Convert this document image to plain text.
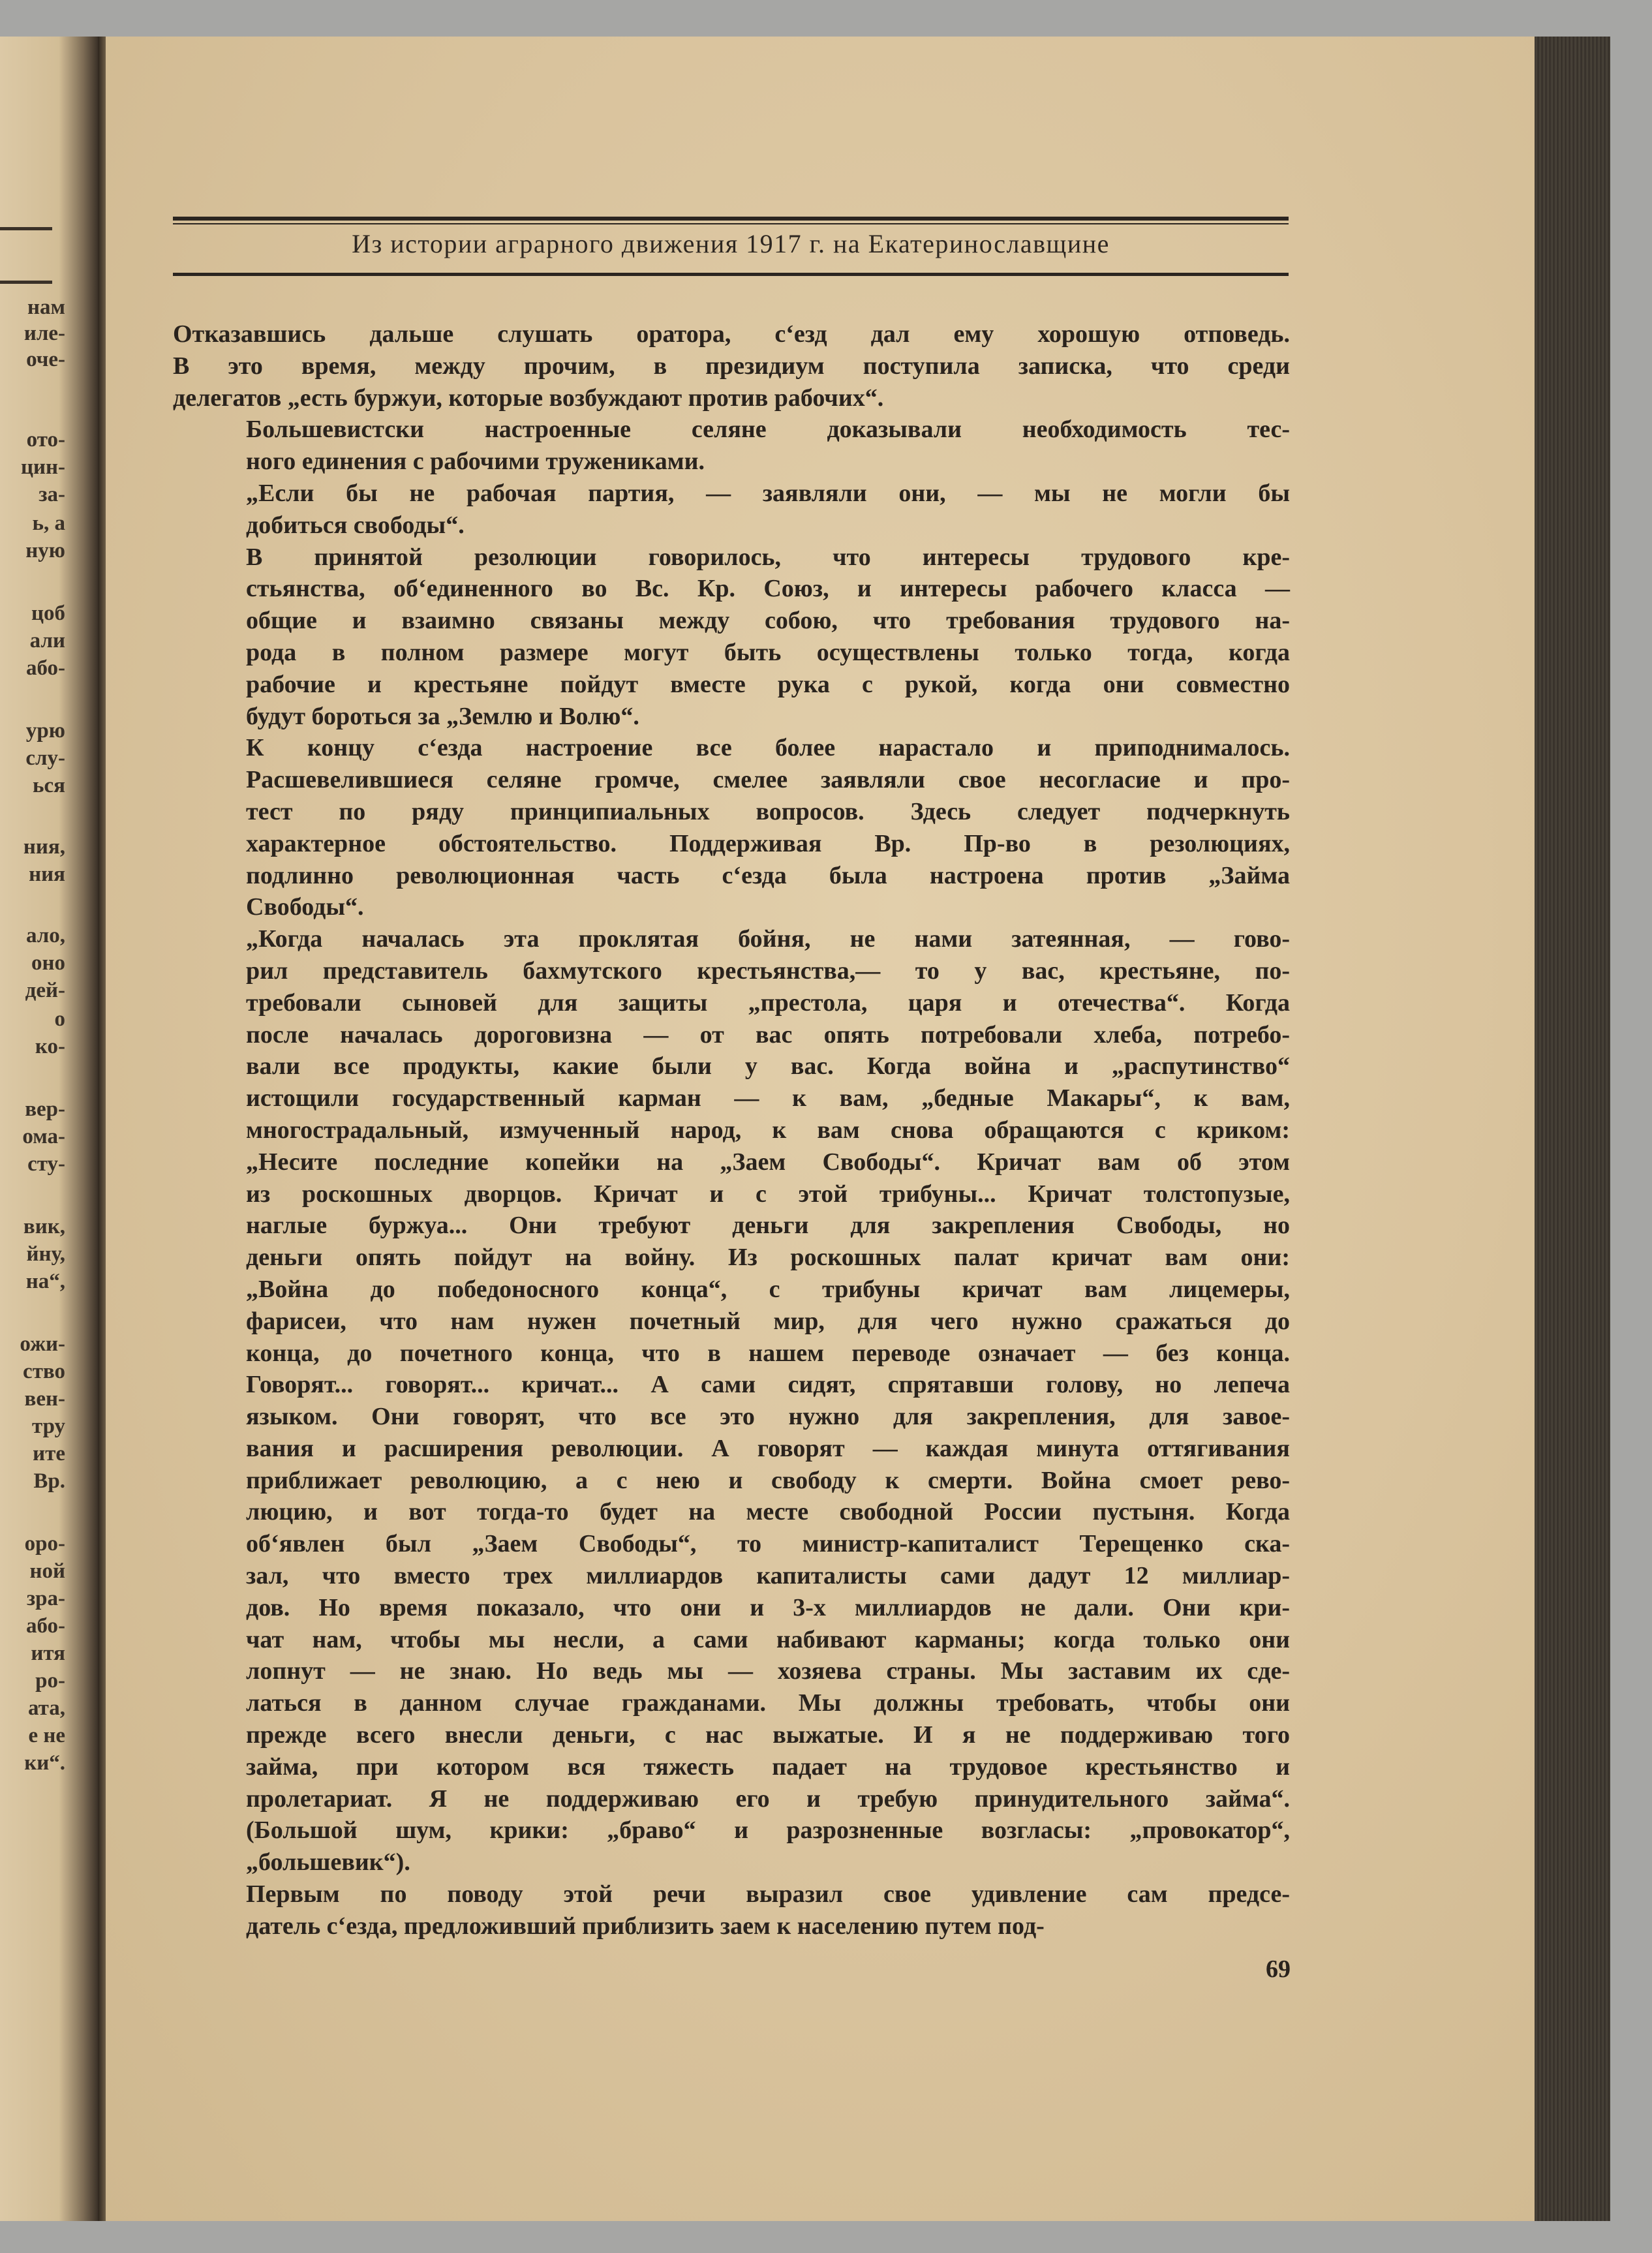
нам
иле-
оче-
ото-
цин-
за-
ь, а
ную
цоб
али
або-
урю
слу-
ься
ния,
ния
ало,
оно
дей-
о
ко-
вер-
ома-
сту-
вик,
йну,
на“,
ожи-
ство
вен-
тру
ите
Вр.
оро-
ной
зра-
або-
итя
ро-
ата,
е не
ки“.
Из истории аграрного движения 1917 г. на Екатеринославщине

Отказавшись дальше слушать оратора, с‘езд дал ему хорошую отповедь.
В это время, между прочим, в президиум поступила записка, что среди
делегатов „есть буржуи, которые возбуждают против рабочих“.

Большевистски настроенные селяне доказывали необходимость тес-
ного единения с рабочими тружениками.

„Если бы не рабочая партия, — заявляли они, — мы не могли бы
добиться свободы“.

В принятой резолюции говорилось, что интересы трудового кре-
стьянства, об‘единенного во Вс. Кр. Союз, и интересы рабочего класса —
общие и взаимно связаны между собою, что требования трудового на-
рода в полном размере могут быть осуществлены только тогда, когда
рабочие и крестьяне пойдут вместе рука с рукой, когда они совместно
будут бороться за „Землю и Волю“.

К концу с‘езда настроение все более нарастало и приподнималось.
Расшевелившиеся селяне громче, смелее заявляли свое несогласие и про-
тест по ряду принципиальных вопросов. Здесь следует подчеркнуть
характерное обстоятельство. Поддерживая Вр. Пр-во в резолюциях,
подлинно революционная часть с‘езда была настроена против „Займа
Свободы“.

„Когда началась эта проклятая бойня, не нами затеянная, — гово-
рил представитель бахмутского крестьянства,— то у вас, крестьяне, по-
требовали сыновей для защиты „престола, царя и отечества“. Когда
после началась дороговизна — от вас опять потребовали хлеба, потребо-
вали все продукты, какие были у вас. Когда война и „распутинство“
истощили государственный карман — к вам, „бедные Макары“, к вам,
многострадальный, измученный народ, к вам снова обращаются с криком:
„Несите последние копейки на „Заем Свободы“. Кричат вам об этом
из роскошных дворцов. Кричат и с этой трибуны... Кричат толстопузые,
наглые буржуа... Они требуют деньги для закрепления Свободы, но
деньги опять пойдут на войну. Из роскошных палат кричат вам они:
„Война до победоносного конца“, с трибуны кричат вам лицемеры,
фарисеи, что нам нужен почетный мир, для чего нужно сражаться до
конца, до почетного конца, что в нашем переводе означает — без конца.
Говорят... говорят... кричат... А сами сидят, спрятавши голову, но лепеча
языком. Они говорят, что все это нужно для закрепления, для завое-
вания и расширения революции. А говорят — каждая минута оттягивания
приближает революцию, а с нею и свободу к смерти. Война смоет рево-
люцию, и вот тогда-то будет на месте свободной России пустыня. Когда
об‘явлен был „Заем Свободы“, то министр-капиталист Терещенко ска-
зал, что вместо трех миллиардов капиталисты сами дадут 12 миллиар-
дов. Но время показало, что они и 3-х миллиардов не дали. Они кри-
чат нам, чтобы мы несли, а сами набивают карманы; когда только они
лопнут — не знаю. Но ведь мы — хозяева страны. Мы заставим их сде-
латься в данном случае гражданами. Мы должны требовать, чтобы они
прежде всего внесли деньги, с нас выжатые. И я не поддерживаю того
займа, при котором вся тяжесть падает на трудовое крестьянство и
пролетариат. Я не поддерживаю его и требую принудительного займа“.
(Большой шум, крики: „браво“ и разрозненные возгласы: „провокатор“,
„большевик“).

Первым по поводу этой речи выразил свое удивление сам предсе-
датель с‘езда, предложивший приблизить заем к населению путем под-

69
